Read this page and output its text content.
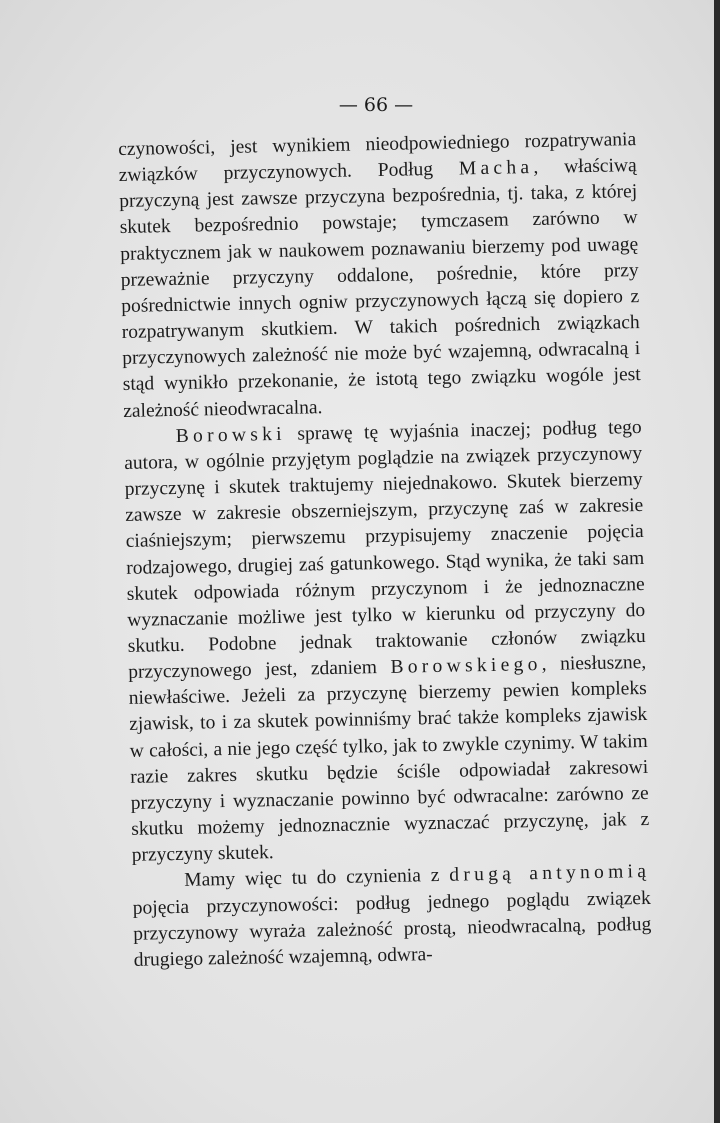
— 66 —

czynowości, jest wynikiem nieodpowiedniego rozpatrywania związków przyczynowych. Podług Macha, właściwą przyczyną jest zawsze przyczyna bezpośrednia, tj. taka, z której skutek bezpośrednio powstaje; tymczasem zarówno w praktycznem jak w naukowem poznawaniu bierzemy pod uwagę przeważnie przyczyny oddalone, pośrednie, które przy pośrednictwie innych ogniw przyczynowych łączą się dopiero z rozpatrywanym skutkiem. W takich pośrednich związkach przyczynowych zależność nie może być wzajemną, odwracalną i stąd wynikło przekonanie, że istotą tego związku wogóle jest zależność nieodwracalna.

Borowski sprawę tę wyjaśnia inaczej; podług tego autora, w ogólnie przyjętym poglądzie na związek przyczynowy przyczynę i skutek traktujemy niejednakowo. Skutek bierzemy zawsze w zakresie obszerniejszym, przyczynę zaś w zakresie ciaśniejszym; pierwszemu przypisujemy znaczenie pojęcia rodzajowego, drugiej zaś gatunkowego. Stąd wynika, że taki sam skutek odpowiada różnym przyczynom i że jednoznaczne wyznaczanie możliwe jest tylko w kierunku od przyczyny do skutku. Podobne jednak traktowanie członów związku przyczynowego jest, zdaniem Borowskiego, niesłuszne, niewłaściwe. Jeżeli za przyczynę bierzemy pewien kompleks zjawisk, to i za skutek powinniśmy brać także kompleks zjawisk w całości, a nie jego część tylko, jak to zwykle czynimy. W takim razie zakres skutku będzie ściśle odpowiadał zakresowi przyczyny i wyznaczanie powinno być odwracalne: zarówno ze skutku możemy jednoznacznie wyznaczać przyczynę, jak z przyczyny skutek.

Mamy więc tu do czynienia z drugą antynomią pojęcia przyczynowości: podług jednego poglądu związek przyczynowy wyraża zależność prostą, nieodwracalną, podług drugiego zależność wzajemną, odwra-
